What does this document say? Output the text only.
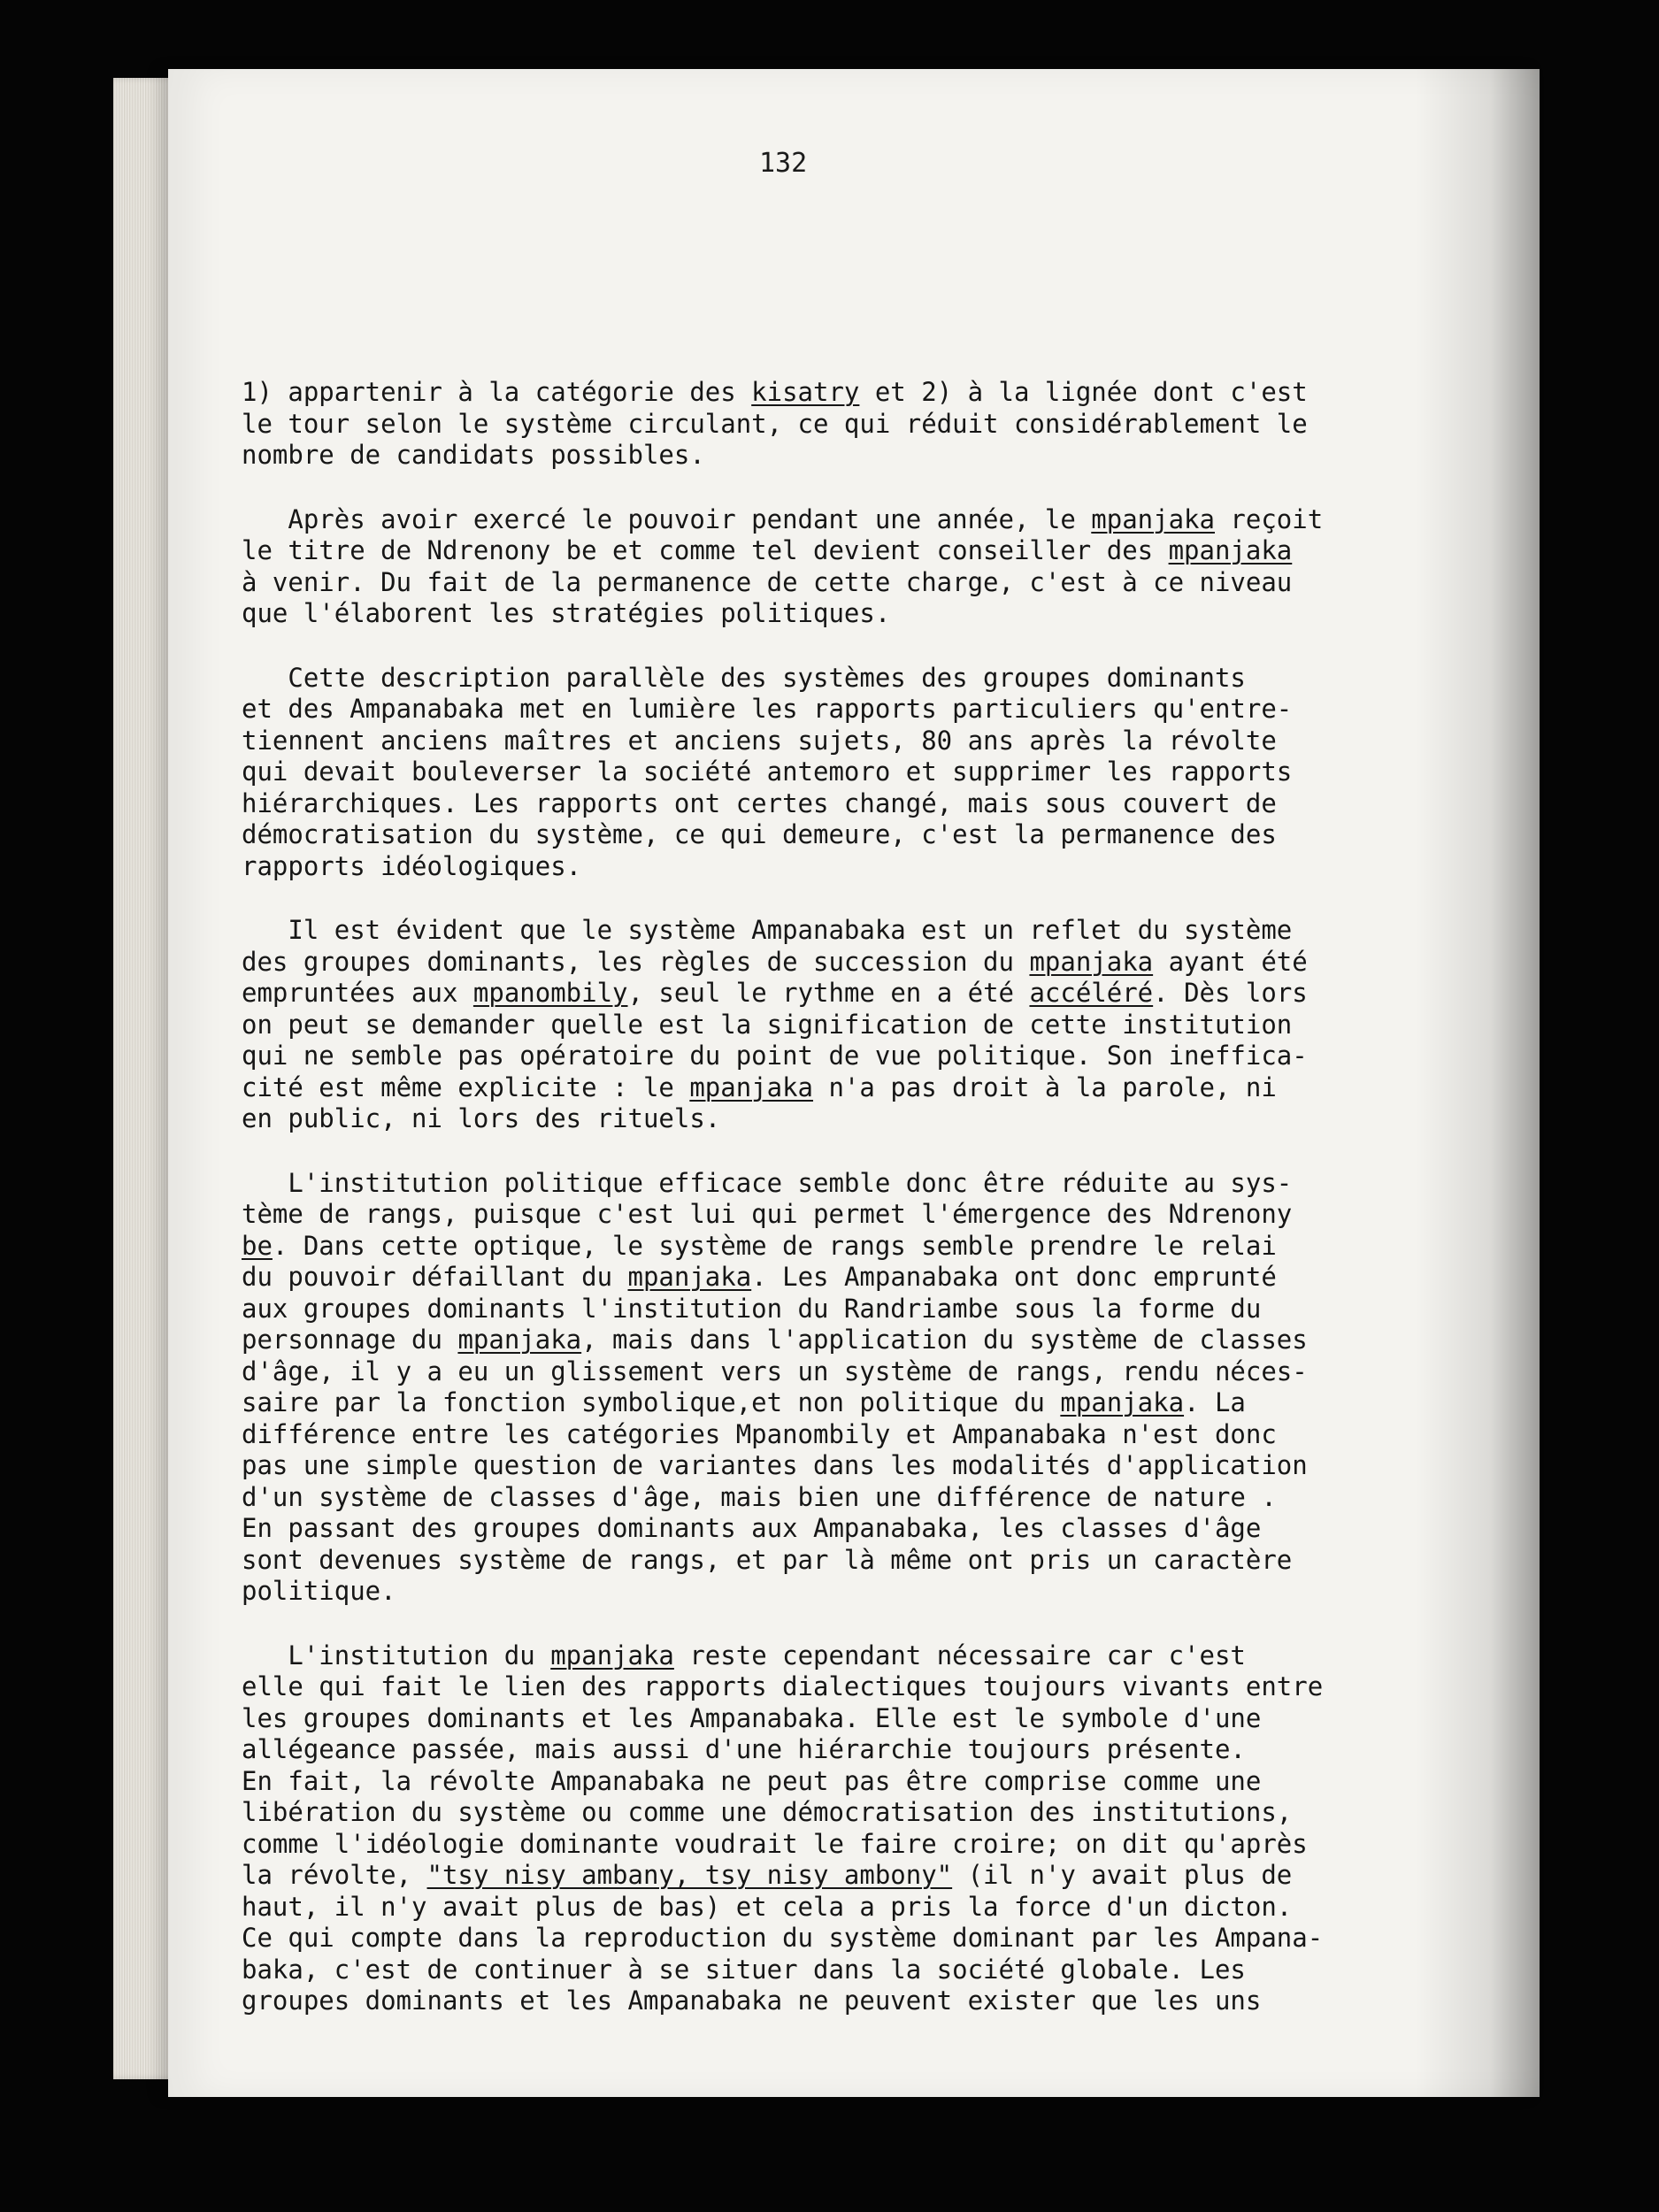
132
1) appartenir à la catégorie des kisatry et 2) à la lignée dont c'est
le tour selon le système circulant, ce qui réduit considérablement le
nombre de candidats possibles.
Après avoir exercé le pouvoir pendant une année, le mpanjaka reçoit
le titre de Ndrenony be et comme tel devient conseiller des mpanjaka
à venir. Du fait de la permanence de cette charge, c'est à ce niveau
que l'élaborent les stratégies politiques.
Cette description parallèle des systèmes des groupes dominants
et des Ampanabaka met en lumière les rapports particuliers qu'entre-
tiennent anciens maîtres et anciens sujets, 80 ans après la révolte
qui devait bouleverser la société antemoro et supprimer les rapports
hiérarchiques. Les rapports ont certes changé, mais sous couvert de
démocratisation du système, ce qui demeure, c'est la permanence des
rapports idéologiques.
Il est évident que le système Ampanabaka est un reflet du système
des groupes dominants, les règles de succession du mpanjaka ayant été
empruntées aux mpanombily, seul le rythme en a été accéléré. Dès lors
on peut se demander quelle est la signification de cette institution
qui ne semble pas opératoire du point de vue politique. Son ineffica-
cité est même explicite : le mpanjaka n'a pas droit à la parole, ni
en public, ni lors des rituels.
L'institution politique efficace semble donc être réduite au sys-
tème de rangs, puisque c'est lui qui permet l'émergence des Ndrenony
be. Dans cette optique, le système de rangs semble prendre le relai
du pouvoir défaillant du mpanjaka. Les Ampanabaka ont donc emprunté
aux groupes dominants l'institution du Randriambe sous la forme du
personnage du mpanjaka, mais dans l'application du système de classes
d'âge, il y a eu un glissement vers un système de rangs, rendu néces-
saire par la fonction symbolique,et non politique du mpanjaka. La
différence entre les catégories Mpanombily et Ampanabaka n'est donc
pas une simple question de variantes dans les modalités d'application
d'un système de classes d'âge, mais bien une différence de nature .
En passant des groupes dominants aux Ampanabaka, les classes d'âge
sont devenues système de rangs, et par là même ont pris un caractère
politique.
L'institution du mpanjaka reste cependant nécessaire car c'est
elle qui fait le lien des rapports dialectiques toujours vivants entre
les groupes dominants et les Ampanabaka. Elle est le symbole d'une
allégeance passée, mais aussi d'une hiérarchie toujours présente.
En fait, la révolte Ampanabaka ne peut pas être comprise comme une
libération du système ou comme une démocratisation des institutions,
comme l'idéologie dominante voudrait le faire croire; on dit qu'après
la révolte, "tsy nisy ambany, tsy nisy ambony" (il n'y avait plus de
haut, il n'y avait plus de bas) et cela a pris la force d'un dicton.
Ce qui compte dans la reproduction du système dominant par les Ampana-
baka, c'est de continuer à se situer dans la société globale. Les
groupes dominants et les Ampanabaka ne peuvent exister que les uns
